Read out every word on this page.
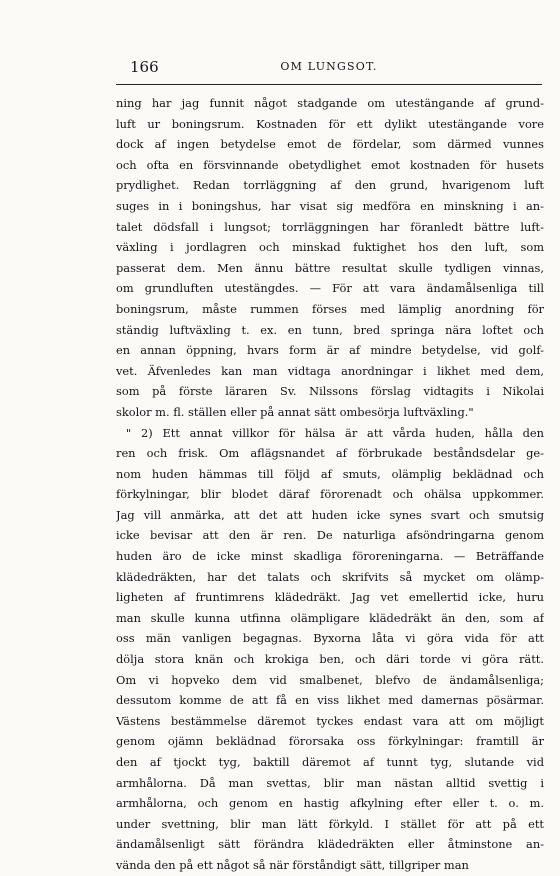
166	OM LUNGSOT.
ning har jag funnit något stadgande om utestängande af grund-
luft ur boningsrum. Kostnaden för ett dylikt utestängande vore
dock af ingen betydelse emot de fördelar, som därmed vunnes
och ofta en försvinnande obetydlighet emot kostnaden för husets
prydlighet. Redan torrläggning af den grund, hvarigenom luft
suges in i boningshus, har visat sig medföra en minskning i an-
talet dödsfall i lungsot; torrläggningen har föranledt bättre luft-
växling i jordlagren och minskad fuktighet hos den luft, som
passerat dem. Men ännu bättre resultat skulle tydligen vinnas,
om grundluften utestängdes. — För att vara ändamålsenliga till
boningsrum, måste rummen förses med lämplig anordning för
ständig luftväxling t. ex. en tunn, bred springa nära loftet och
en annan öppning, hvars form är af mindre betydelse, vid golf-
vet. Äfvenledes kan man vidtaga anordningar i likhet med dem,
som på förste läraren Sv. Nilssons förslag vidtagits i Nikolai
skolor m. fl. ställen eller på annat sätt ombesörja luftväxling."
" 2) Ett annat villkor för hälsa är att vårda huden, hålla den
ren och frisk. Om aflägsnandet af förbrukade beståndsdelar ge-
nom huden hämmas till följd af smuts, olämplig beklädnad och
förkylningar, blir blodet däraf förorenadt och ohälsa uppkommer.
Jag vill anmärka, att det att huden icke synes svart och smutsig
icke bevisar att den är ren. De naturliga afsöndringarna genom
huden äro de icke minst skadliga föroreningarna. — Beträffande
klädedräkten, har det talats och skrifvits så mycket om olämp-
ligheten af fruntimrens klädedräkt. Jag vet emellertid icke, huru
man skulle kunna utfinna olämpligare klädedräkt än den, som af
oss män vanligen begagnas. Byxorna låta vi göra vida för att
dölja stora knän och krokiga ben, och däri torde vi göra rätt.
Om vi hopveko dem vid smalbenet, blefvo de ändamålsenliga;
dessutom komme de att få en viss likhet med damernas pösärmar.
Västens bestämmelse däremot tyckes endast vara att om möjligt
genom ojämn beklädnad förorsaka oss förkylningar: framtill är
den af tjockt tyg, baktill däremot af tunnt tyg, slutande vid
armhålorna. Då man svettas, blir man nästan alltid svettig i
armhålorna, och genom en hastig afkylning efter eller t. o. m.
under svettning, blir man lätt förkyld. I stället för att på ett
ändamålsenligt sätt förändra klädedräkten eller åtminstone an-
vända den på ett något så när förståndigt sätt, tillgriper man
